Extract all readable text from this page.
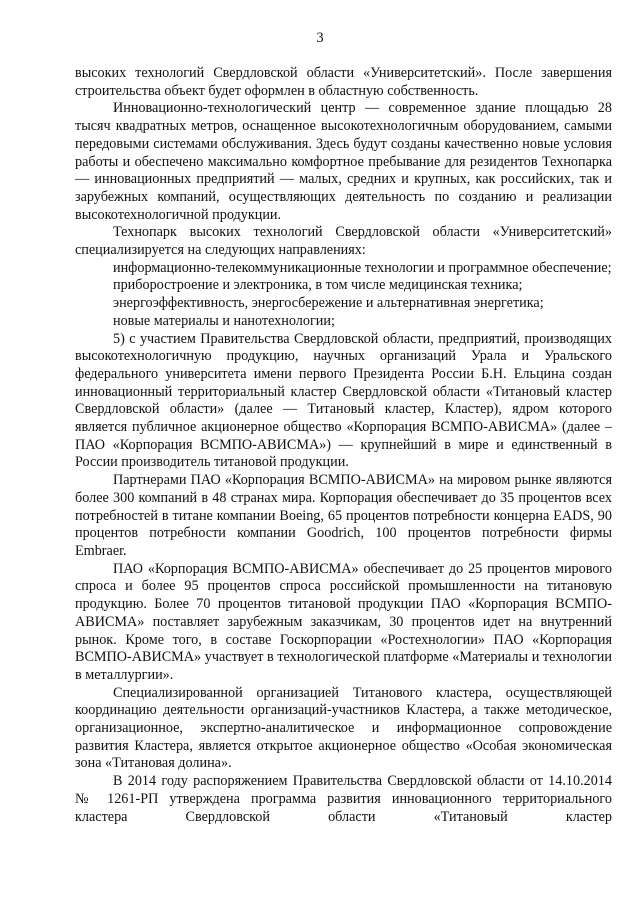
3

высоких технологий Свердловской области «Университетский». После завершения строительства объект будет оформлен в областную собственность.

Инновационно-технологический центр — современное здание площадью 28 тысяч квадратных метров, оснащенное высокотехнологичным оборудованием, самыми передовыми системами обслуживания. Здесь будут созданы качественно новые условия работы и обеспечено максимально комфортное пребывание для резидентов Технопарка — инновационных предприятий — малых, средних и крупных, как российских, так и зарубежных компаний, осуществляющих деятельность по созданию и реализации высокотехнологичной продукции.

Технопарк высоких технологий Свердловской области «Университетский» специализируется на следующих направлениях:

информационно-телекоммуникационные технологии и программное обеспечение;

приборостроение и электроника, в том числе медицинская техника;

энергоэффективность, энергосбережение и альтернативная энергетика;

новые материалы и нанотехнологии;

5) с участием Правительства Свердловской области, предприятий, производящих высокотехнологичную продукцию, научных организаций Урала и Уральского федерального университета имени первого Президента России Б.Н. Ельцина создан инновационный территориальный кластер Свердловской области «Титановый кластер Свердловской области» (далее — Титановый кластер, Кластер), ядром которого является публичное акционерное общество «Корпорация ВСМПО-АВИСМА» (далее – ПАО «Корпорация ВСМПО-АВИСМА») — крупнейший в мире и единственный в России производитель титановой продукции.

Партнерами ПАО «Корпорация ВСМПО-АВИСМА» на мировом рынке являются более 300 компаний в 48 странах мира. Корпорация обеспечивает до 35 процентов всех потребностей в титане компании Boeing, 65 процентов потребности концерна EADS, 90 процентов потребности компании Goodrich, 100 процентов потребности фирмы Embraer.

ПАО «Корпорация ВСМПО-АВИСМА» обеспечивает до 25 процентов мирового спроса и более 95 процентов спроса российской промышленности на титановую продукцию. Более 70 процентов титановой продукции ПАО «Корпорация ВСМПО-АВИСМА» поставляет зарубежным заказчикам, 30 процентов идет на внутренний рынок. Кроме того, в составе Госкорпорации «Ростехнологии» ПАО «Корпорация ВСМПО-АВИСМА» участвует в технологической платформе «Материалы и технологии в металлургии».

Специализированной организацией Титанового кластера, осуществляющей координацию деятельности организаций-участников Кластера, а также методическое, организационное, экспертно-аналитическое и информационное сопровождение развития Кластера, является открытое акционерное общество «Особая экономическая зона «Титановая долина».

В 2014 году распоряжением Правительства Свердловской области от 14.10.2014 № 1261-РП утверждена программа развития инновационного территориального кластера Свердловской области «Титановый кластер
